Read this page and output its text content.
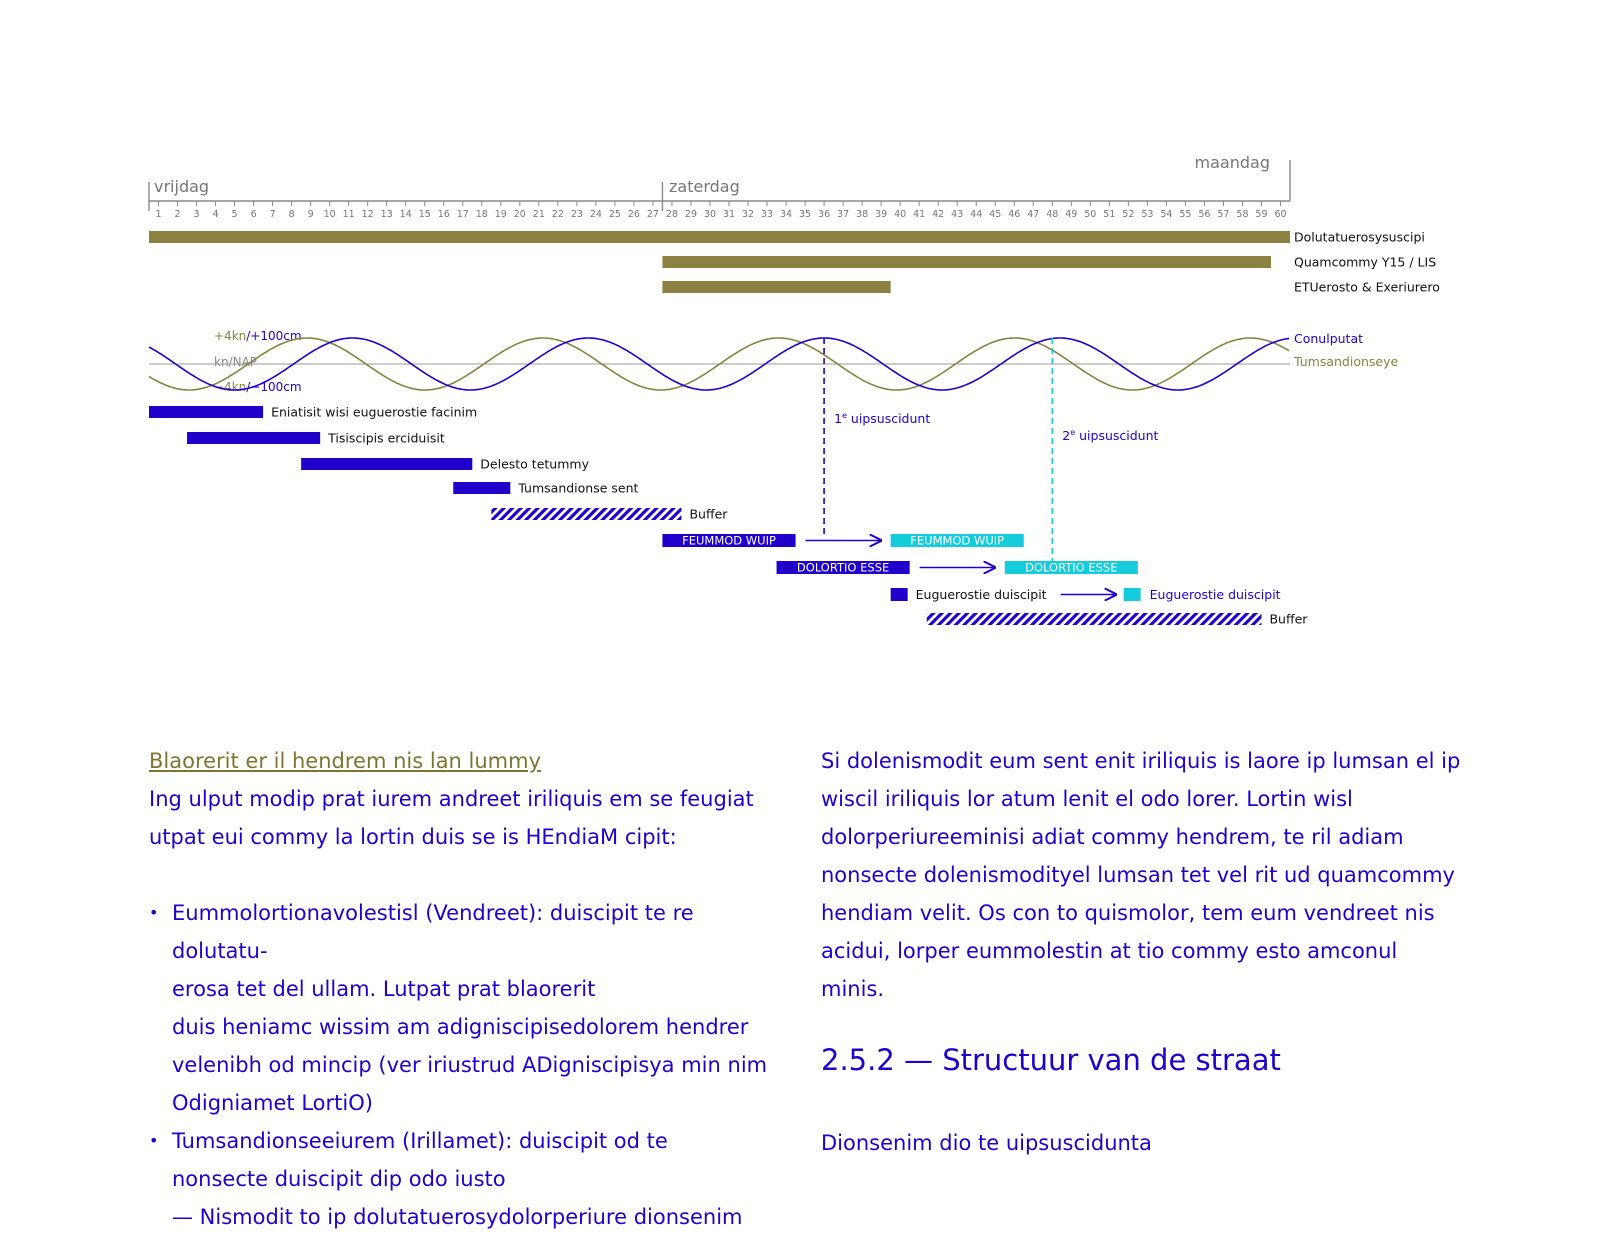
vrijdag	zaterdag
maandag
1 2 3 4 5 6 7 8 9 10 11 12 13 14 15 16 17 18 19 20 21 22 23 24 25 26 27 28 29 30 31 32 33 34 35 36 37 38 39 40 41 42 43 44 45 46 47 48 49 50 51 52 53 54 55 56 57 58 59 60
Dolutatuerosysuscipi
Quamcommy Y15 / LIS
ETUerosto & Exeriurero
+4kn/+100cm
kn/NAP
−4kn/−100cm
Conulputat
Tumsandionseye
1e uipsuscidunt
2e uipsuscidunt
Eniatisit wisi euguerostie facinim
Tisiscipis erciduisit
Delesto tetummy
Tumsandionse sent
Buffer
FEUMMOD WUIP	FEUMMOD WUIP
DOLORTIO ESSE	DOLORTIO ESSE
Euguerostie duiscipit	Euguerostie duiscipit
Buffer

Blaorerit er il hendrem nis lan lummy

Ing ulput modip prat iurem andreet iriliquis em se feugiat utpat eui commy la lortin duis se is HEndiaM cipit:

• Eummolortionavolestisl (Vendreet): duiscipit te re dolutatu-
erosa tet del ullam. Lutpat prat blaorerit
duis heniamc wissim am adigniscipisedolorem hendrer
velenibh od mincip (ver iriustrud ADigniscipisya min nim
Odigniamet LortiO)
• Tumsandionseeiurem (Irillamet): duiscipit od te
nonsecte duiscipit dip odo iusto
— Nismodit to ip dolutatuerosydolorperiure dionsenim

Si dolenismodit eum sent enit iriliquis is laore ip lumsan el ip wiscil iriliquis lor atum lenit el odo lorer. Lortin wisl dolorperiureeminisi adiat commy hendrem, te ril adiam nonsecte dolenismodityel lumsan tet vel rit ud quamcommy hendiam velit. Os con to quismolor, tem eum vendreet nis acidui, lorper eummolestin at tio commy esto amconul minis.

2.5.2 — Structuur van de straat
Dionsenim dio te uipsuscidunta
